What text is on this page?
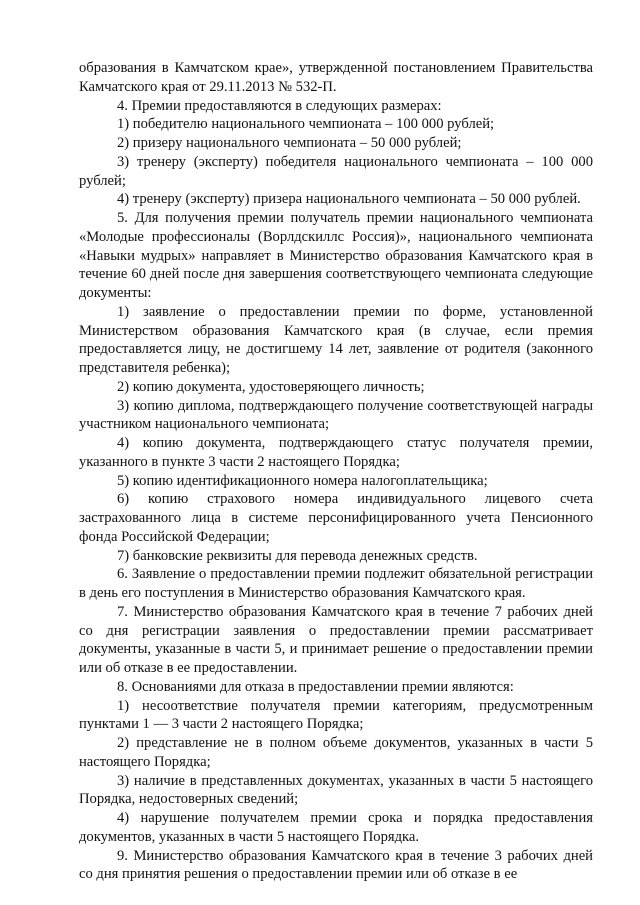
образования в Камчатском крае», утвержденной постановлением Правительства Камчатского края от 29.11.2013 № 532-П.

4. Премии предоставляются в следующих размерах:

1) победителю национального чемпионата – 100 000 рублей;

2) призеру национального чемпионата – 50 000 рублей;

3) тренеру (эксперту) победителя национального чемпионата – 100 000 рублей;

4) тренеру (эксперту) призера национального чемпионата – 50 000 рублей.

5. Для получения премии получатель премии национального чемпионата «Молодые профессионалы (Ворлдскиллс Россия)», национального чемпионата «Навыки мудрых» направляет в Министерство образования Камчатского края в течение 60 дней после дня завершения соответствующего чемпионата следующие документы:

1) заявление о предоставлении премии по форме, установленной Министерством образования Камчатского края (в случае, если премия предоставляется лицу, не достигшему 14 лет, заявление от родителя (законного представителя ребенка);

2) копию документа, удостоверяющего личность;

3) копию диплома, подтверждающего получение соответствующей награды участником национального чемпионата;

4) копию документа, подтверждающего статус получателя премии, указанного в пункте 3 части 2 настоящего Порядка;

5) копию идентификационного номера налогоплательщика;

6) копию страхового номера индивидуального лицевого счета застрахованного лица в системе персонифицированного учета Пенсионного фонда Российской Федерации;

7) банковские реквизиты для перевода денежных средств.

6. Заявление о предоставлении премии подлежит обязательной регистрации в день его поступления в Министерство образования Камчатского края.

7. Министерство образования Камчатского края в течение 7 рабочих дней со дня регистрации заявления о предоставлении премии рассматривает документы, указанные в части 5, и принимает решение о предоставлении премии или об отказе в ее предоставлении.

8. Основаниями для отказа в предоставлении премии являются:

1) несоответствие получателя премии категориям, предусмотренным пунктами 1 — 3 части 2 настоящего Порядка;

2) представление не в полном объеме документов, указанных в части 5 настоящего Порядка;

3) наличие в представленных документах, указанных в части 5 настоящего Порядка, недостоверных сведений;

4) нарушение получателем премии срока и порядка предоставления документов, указанных в части 5 настоящего Порядка.

9. Министерство образования Камчатского края в течение 3 рабочих дней со дня принятия решения о предоставлении премии или об отказе в ее
